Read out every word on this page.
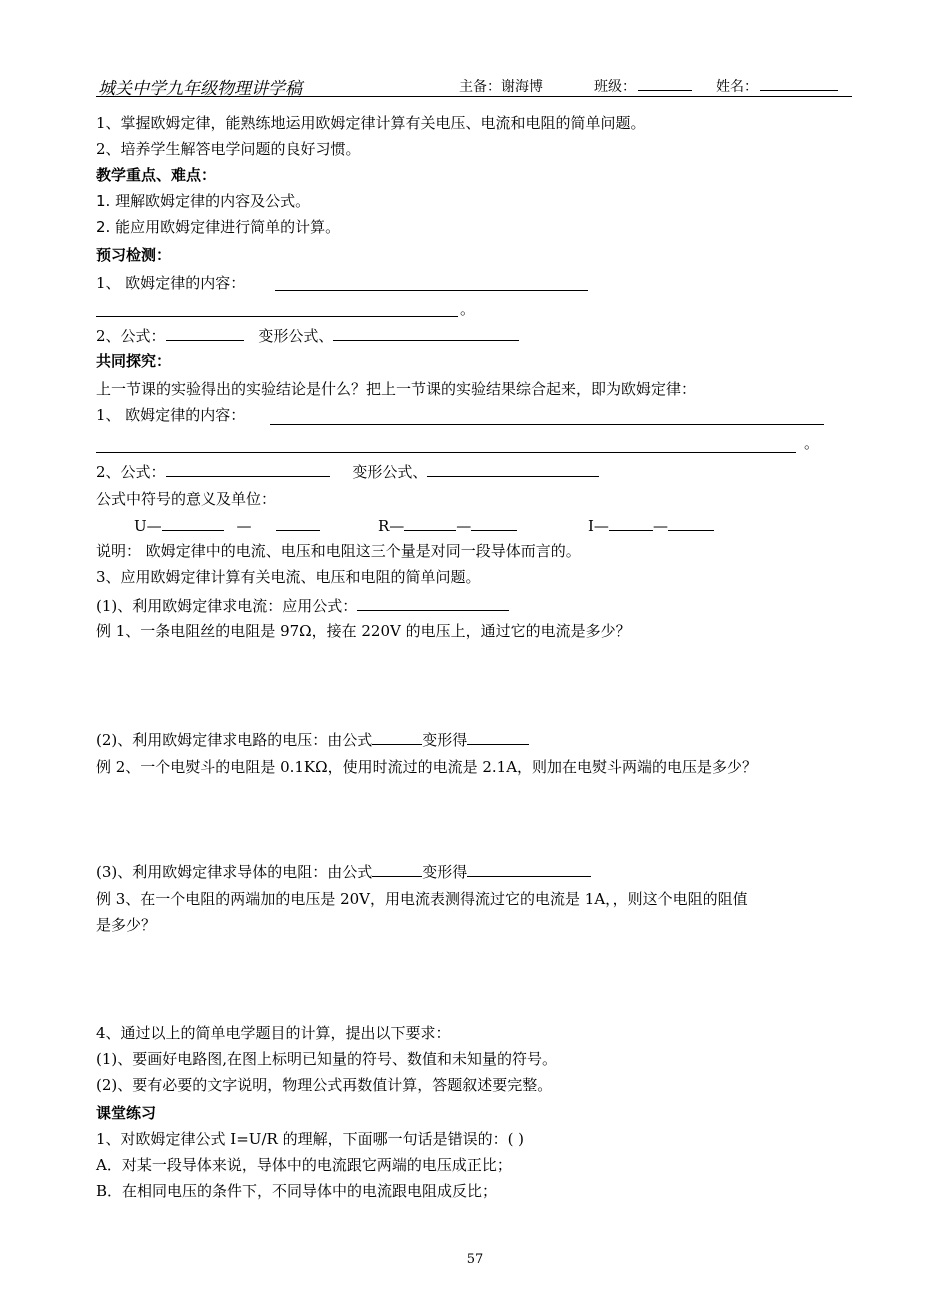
城关中学九年级物理讲学稿	主备：谢海博	班级：	姓名：
1、掌握欧姆定律，能熟练地运用欧姆定律计算有关电压、电流和电阻的简单问题。
2、培养学生解答电学问题的良好习惯。
教学重点、难点：
1. 理解欧姆定律的内容及公式。
2. 能应用欧姆定律进行简单的计算。
预习检测：
1、 欧姆定律的内容：
。
2、公式：	变形公式、
共同探究：
上一节课的实验得出的实验结论是什么？把上一节课的实验结果综合起来，即为欧姆定律：
1、 欧姆定律的内容：
。
2、公式：	变形公式、
公式中符号的意义及单位：
U—	—	R—	—	I—	—
说明： 欧姆定律中的电流、电压和电阻这三个量是对同一段导体而言的。
3、应用欧姆定律计算有关电流、电压和电阻的简单问题。
(1)、利用欧姆定律求电流：应用公式：
例 1、一条电阻丝的电阻是 97Ω，接在 220V 的电压上，通过它的电流是多少？
(2)、利用欧姆定律求电路的电压：由公式	变形得
例 2、一个电熨斗的电阻是 0.1KΩ，使用时流过的电流是 2.1A，则加在电熨斗两端的电压是多少？
(3)、利用欧姆定律求导体的电阻：由公式	变形得
例 3、在一个电阻的两端加的电压是 20V，用电流表测得流过它的电流是 1A，，则这个电阻的阻值
是多少？
4、通过以上的简单电学题目的计算，提出以下要求：
(1)、要画好电路图,在图上标明已知量的符号、数值和未知量的符号。
(2)、要有必要的文字说明，物理公式再数值计算，答题叙述要完整。
课堂练习
1、对欧姆定律公式 I=U/R 的理解，下面哪一句话是错误的：( )
A．对某一段导体来说，导体中的电流跟它两端的电压成正比；
B．在相同电压的条件下，不同导体中的电流跟电阻成反比；
57
